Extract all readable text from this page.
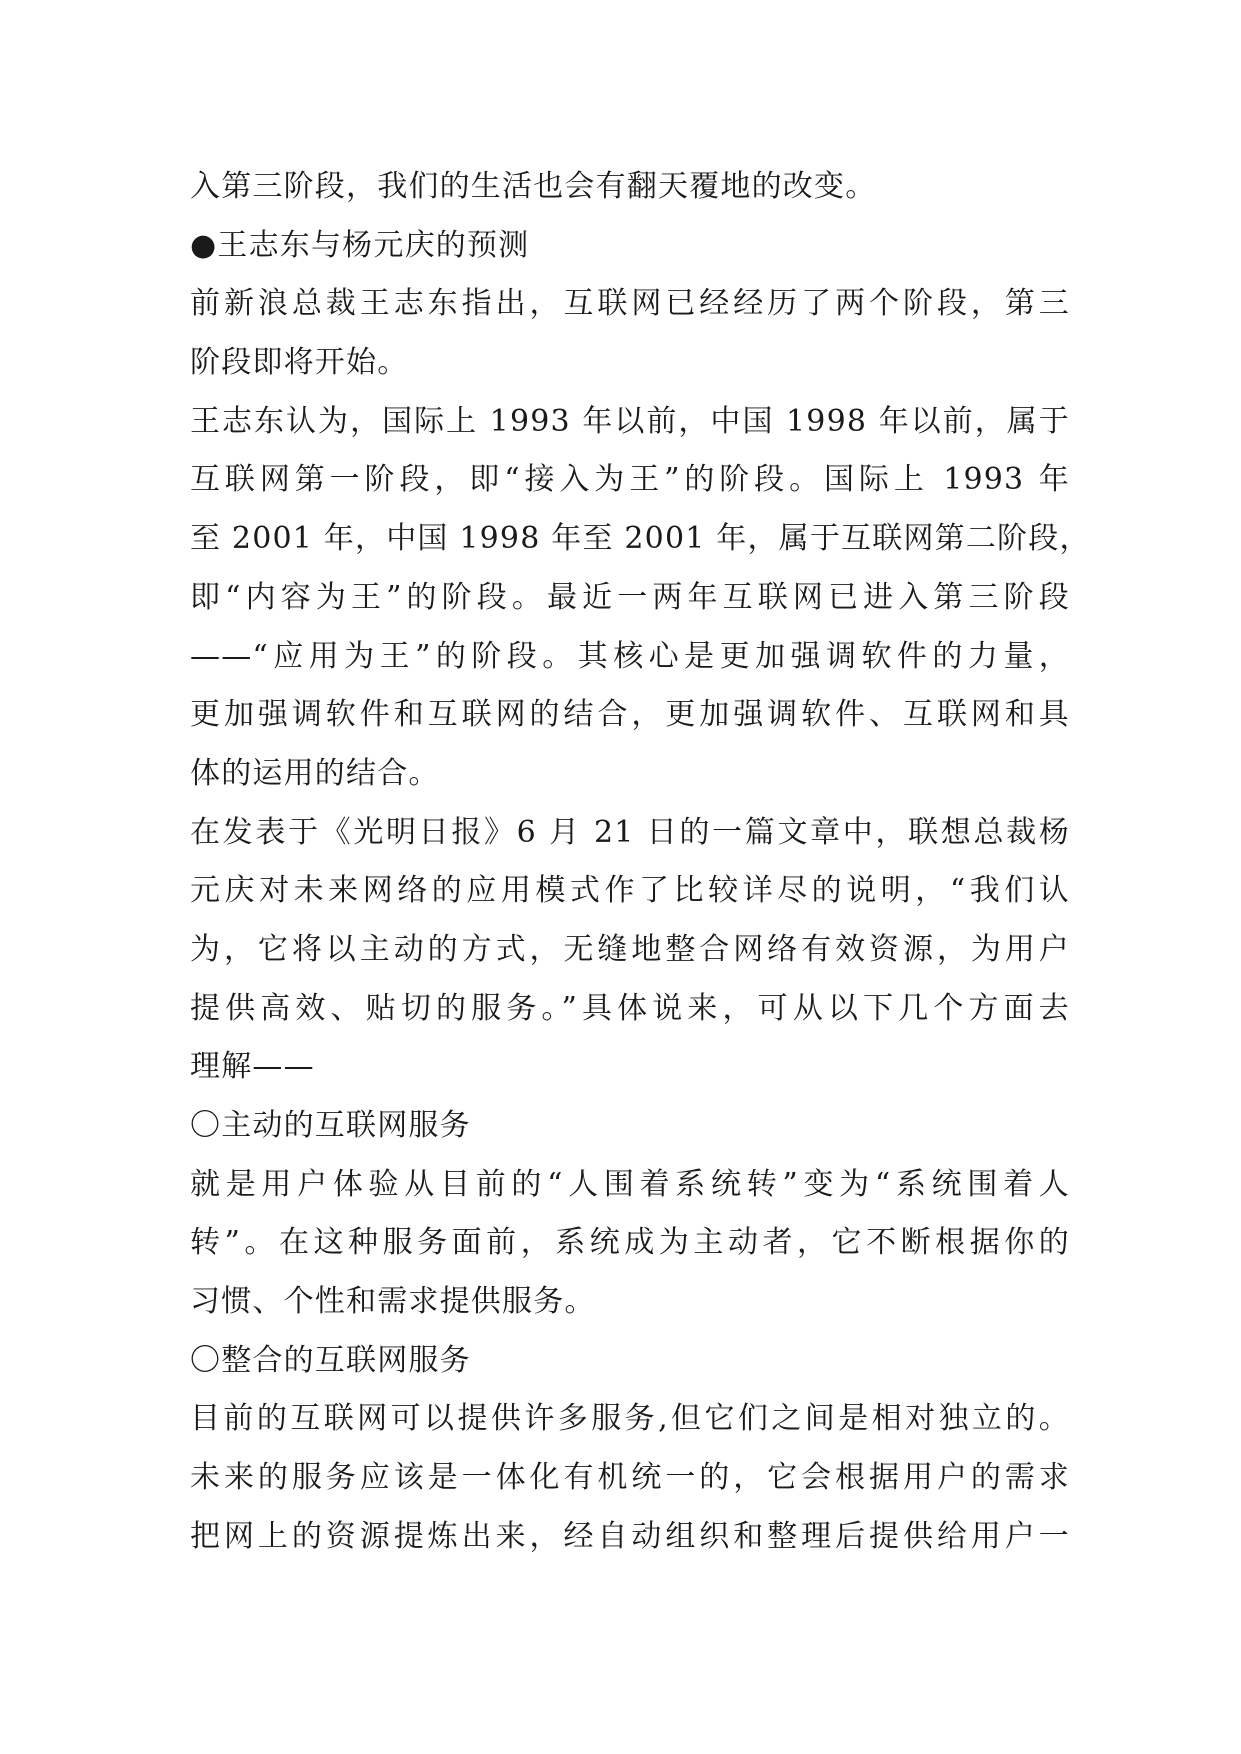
入第三阶段，我们的生活也会有翻天覆地的改变。
●王志东与杨元庆的预测
前新浪总裁王志东指出，互联网已经经历了两个阶段，第三
阶段即将开始。
王志东认为，国际上 1993 年以前，中国 1998 年以前，属于
互联网第一阶段，即“接入为王”的阶段。国际上 1993 年
至 2001 年，中国 1998 年至 2001 年，属于互联网第二阶段，
即“内容为王”的阶段。最近一两年互联网已进入第三阶段
——“应用为王”的阶段。其核心是更加强调软件的力量，
更加强调软件和互联网的结合，更加强调软件、互联网和具
体的运用的结合。
在发表于《光明日报》6 月 21 日的一篇文章中，联想总裁杨
元庆对未来网络的应用模式作了比较详尽的说明，“我们认
为，它将以主动的方式，无缝地整合网络有效资源，为用户
提供高效、贴切的服务。”具体说来，可从以下几个方面去
理解——
〇主动的互联网服务
就是用户体验从目前的“人围着系统转”变为“系统围着人
转”。在这种服务面前，系统成为主动者，它不断根据你的
习惯、个性和需求提供服务。
〇整合的互联网服务
目前的互联网可以提供许多服务,但它们之间是相对独立的。
未来的服务应该是一体化有机统一的，它会根据用户的需求
把网上的资源提炼出来，经自动组织和整理后提供给用户一
